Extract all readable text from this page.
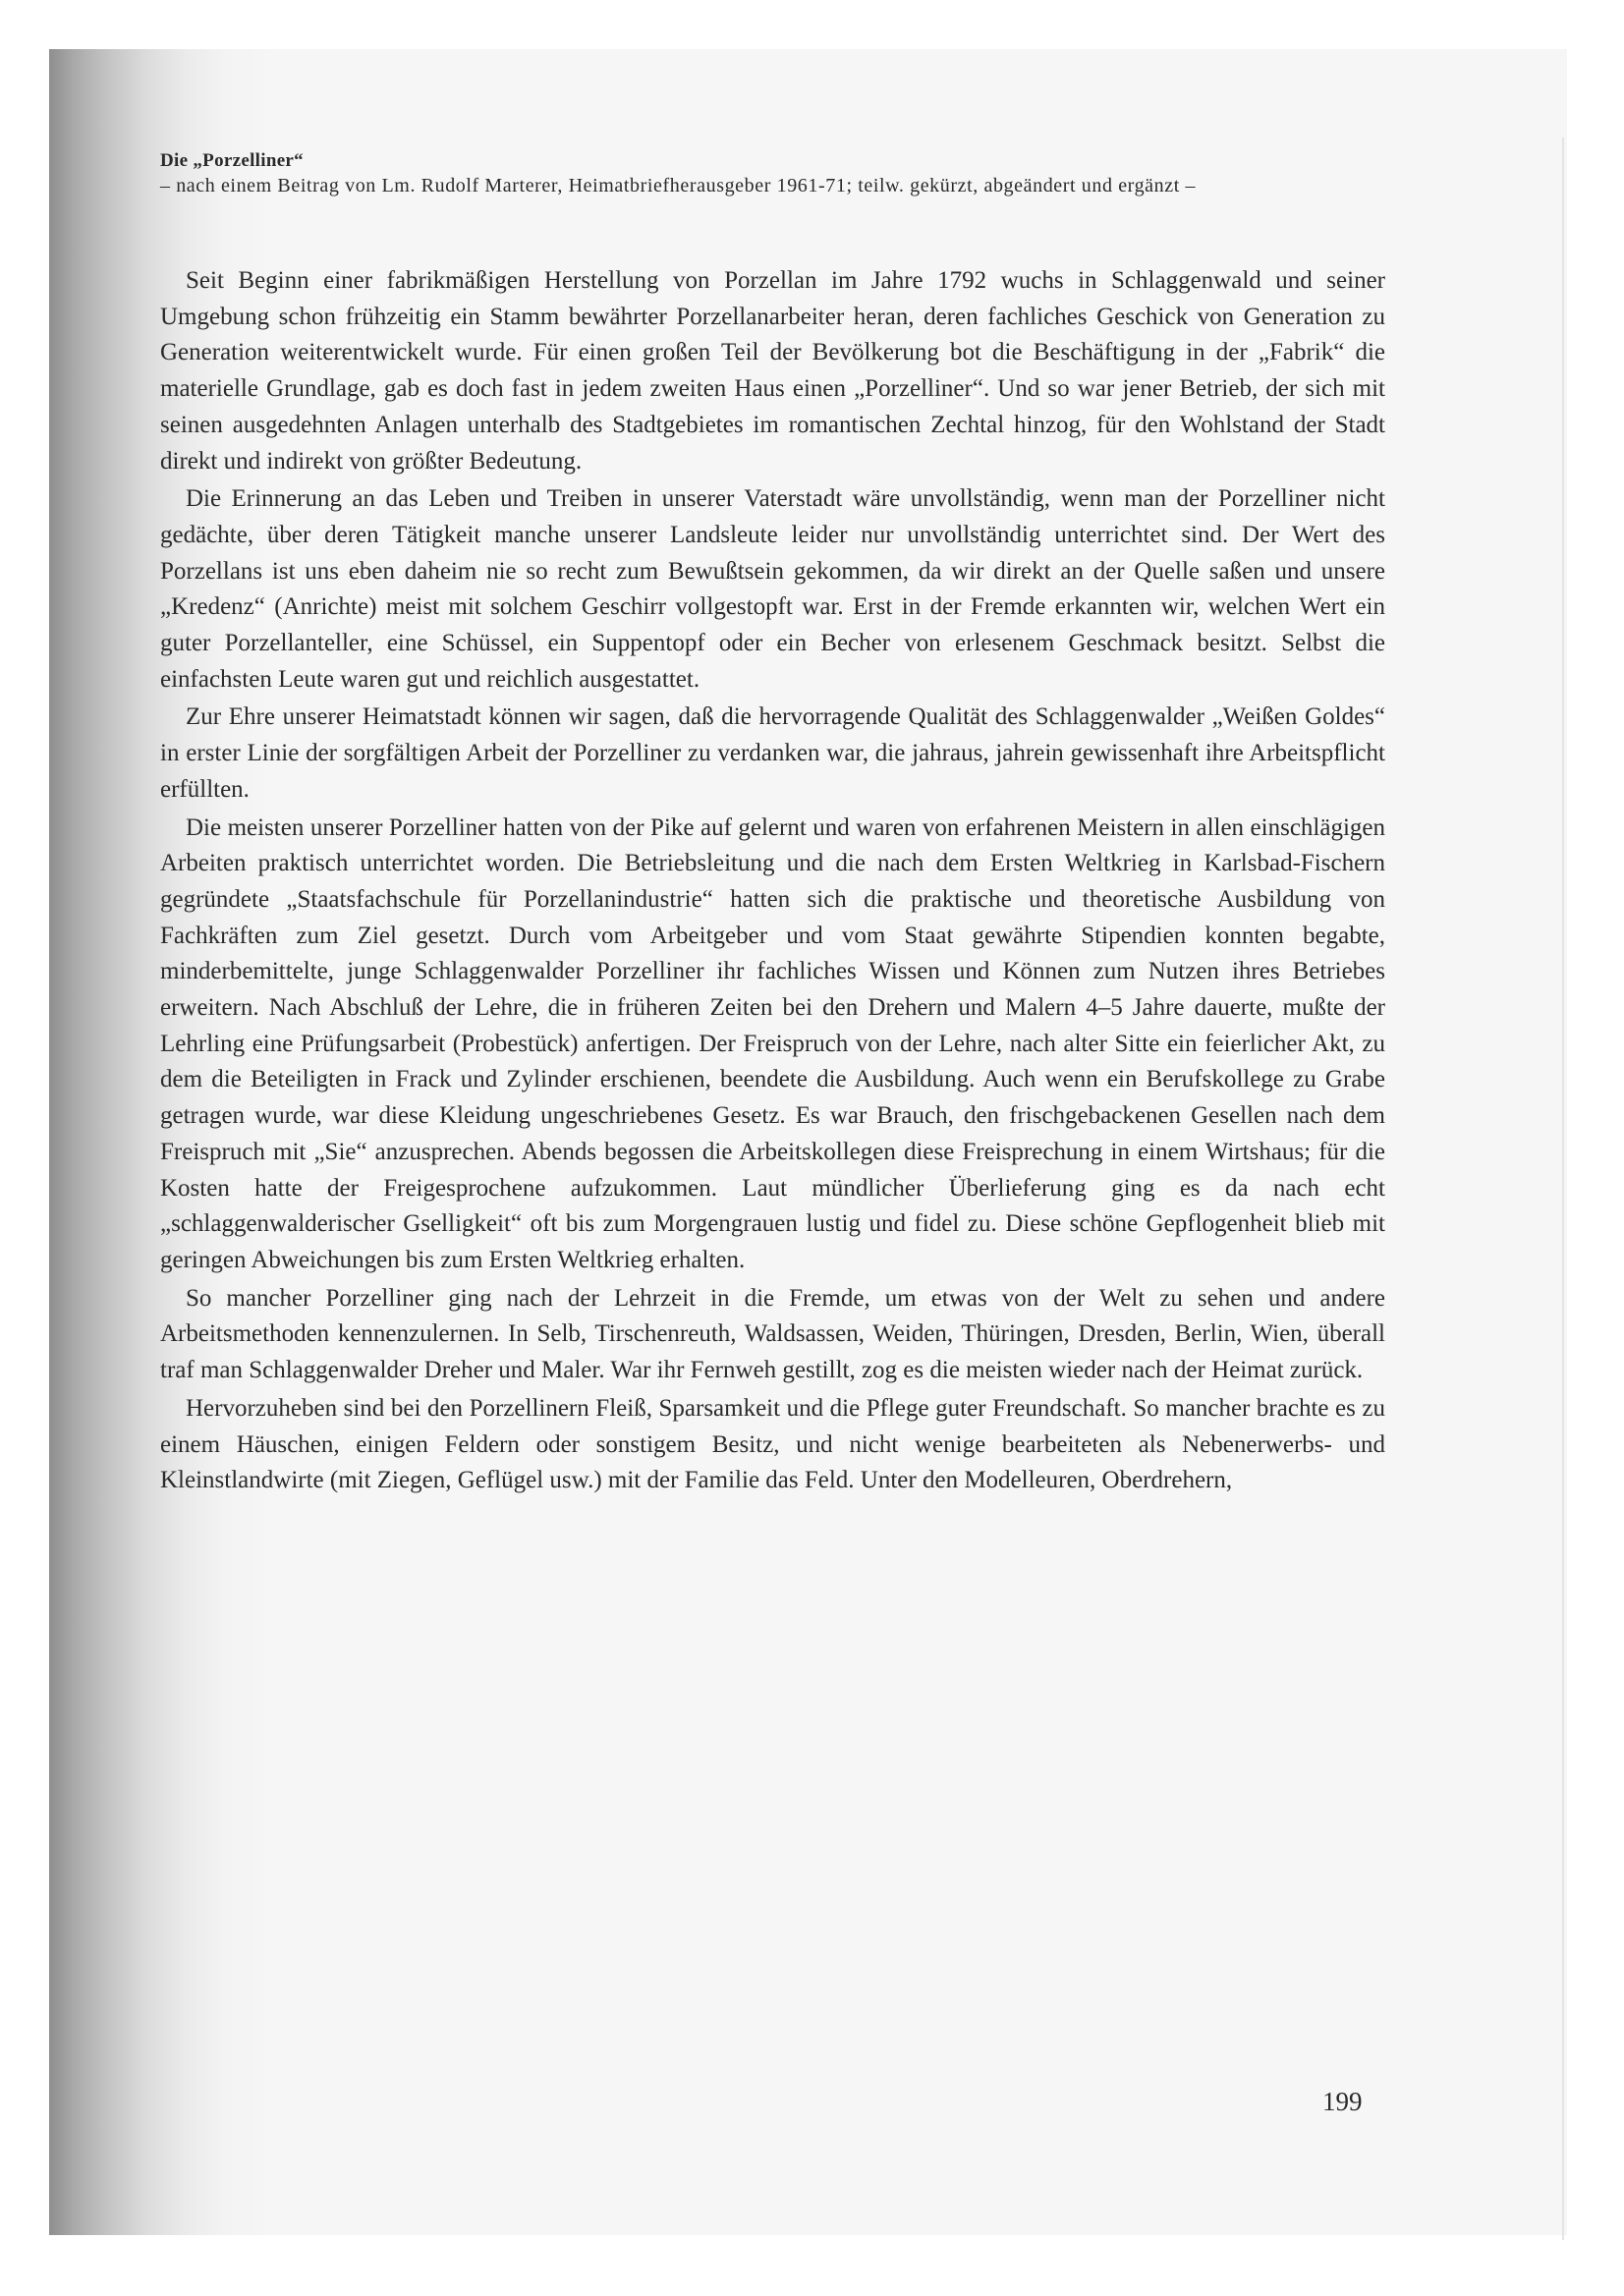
Die „Porzelliner“
– nach einem Beitrag von Lm. Rudolf Marterer, Heimatbriefherausgeber 1961-71; teilw. gekürzt, abgeändert und ergänzt –

Seit Beginn einer fabrikmäßigen Herstellung von Porzellan im Jahre 1792 wuchs in Schlaggenwald und seiner Umgebung schon frühzeitig ein Stamm bewährter Porzellanarbeiter heran, deren fachliches Geschick von Generation zu Generation weiterentwickelt wurde. Für einen großen Teil der Bevölkerung bot die Beschäftigung in der „Fabrik“ die materielle Grundlage, gab es doch fast in jedem zweiten Haus einen „Porzelliner“. Und so war jener Betrieb, der sich mit seinen ausgedehnten Anlagen unterhalb des Stadtgebietes im romantischen Zechtal hinzog, für den Wohlstand der Stadt direkt und indirekt von größter Bedeutung.

Die Erinnerung an das Leben und Treiben in unserer Vaterstadt wäre unvollständig, wenn man der Porzelliner nicht gedächte, über deren Tätigkeit manche unserer Landsleute leider nur unvollständig unterrichtet sind. Der Wert des Porzellans ist uns eben daheim nie so recht zum Bewußtsein gekommen, da wir direkt an der Quelle saßen und unsere „Kredenz“ (Anrichte) meist mit solchem Geschirr vollgestopft war. Erst in der Fremde erkannten wir, welchen Wert ein guter Porzellanteller, eine Schüssel, ein Suppentopf oder ein Becher von erlesenem Geschmack besitzt. Selbst die einfachsten Leute waren gut und reichlich ausgestattet.

Zur Ehre unserer Heimatstadt können wir sagen, daß die hervorragende Qualität des Schlaggenwalder „Weißen Goldes“ in erster Linie der sorgfältigen Arbeit der Porzelliner zu verdanken war, die jahraus, jahrein gewissenhaft ihre Arbeitspflicht erfüllten.

Die meisten unserer Porzelliner hatten von der Pike auf gelernt und waren von erfahrenen Meistern in allen einschlägigen Arbeiten praktisch unterrichtet worden. Die Betriebsleitung und die nach dem Ersten Weltkrieg in Karlsbad-Fischern gegründete „Staatsfachschule für Porzellanindustrie“ hatten sich die praktische und theoretische Ausbildung von Fachkräften zum Ziel gesetzt. Durch vom Arbeitgeber und vom Staat gewährte Stipendien konnten begabte, minderbemittelte, junge Schlaggenwalder Porzelliner ihr fachliches Wissen und Können zum Nutzen ihres Betriebes erweitern. Nach Abschluß der Lehre, die in früheren Zeiten bei den Drehern und Malern 4–5 Jahre dauerte, mußte der Lehrling eine Prüfungsarbeit (Probestück) anfertigen. Der Freispruch von der Lehre, nach alter Sitte ein feierlicher Akt, zu dem die Beteiligten in Frack und Zylinder erschienen, beendete die Ausbildung. Auch wenn ein Berufskollege zu Grabe getragen wurde, war diese Kleidung ungeschriebenes Gesetz. Es war Brauch, den frischgebackenen Gesellen nach dem Freispruch mit „Sie“ anzusprechen. Abends begossen die Arbeitskollegen diese Freisprechung in einem Wirtshaus; für die Kosten hatte der Freigesprochene aufzukommen. Laut mündlicher Überlieferung ging es da nach echt „schlaggenwalderischer Gselligkeit“ oft bis zum Morgengrauen lustig und fidel zu. Diese schöne Gepflogenheit blieb mit geringen Abweichungen bis zum Ersten Weltkrieg erhalten.

So mancher Porzelliner ging nach der Lehrzeit in die Fremde, um etwas von der Welt zu sehen und andere Arbeitsmethoden kennenzulernen. In Selb, Tirschenreuth, Waldsassen, Weiden, Thüringen, Dresden, Berlin, Wien, überall traf man Schlaggenwalder Dreher und Maler. War ihr Fernweh gestillt, zog es die meisten wieder nach der Heimat zurück.

Hervorzuheben sind bei den Porzellinern Fleiß, Sparsamkeit und die Pflege guter Freundschaft. So mancher brachte es zu einem Häuschen, einigen Feldern oder sonstigem Besitz, und nicht wenige bearbeiteten als Nebenerwerbs- und Kleinstlandwirte (mit Ziegen, Geflügel usw.) mit der Familie das Feld. Unter den Modelleuren, Oberdrehern,

199
